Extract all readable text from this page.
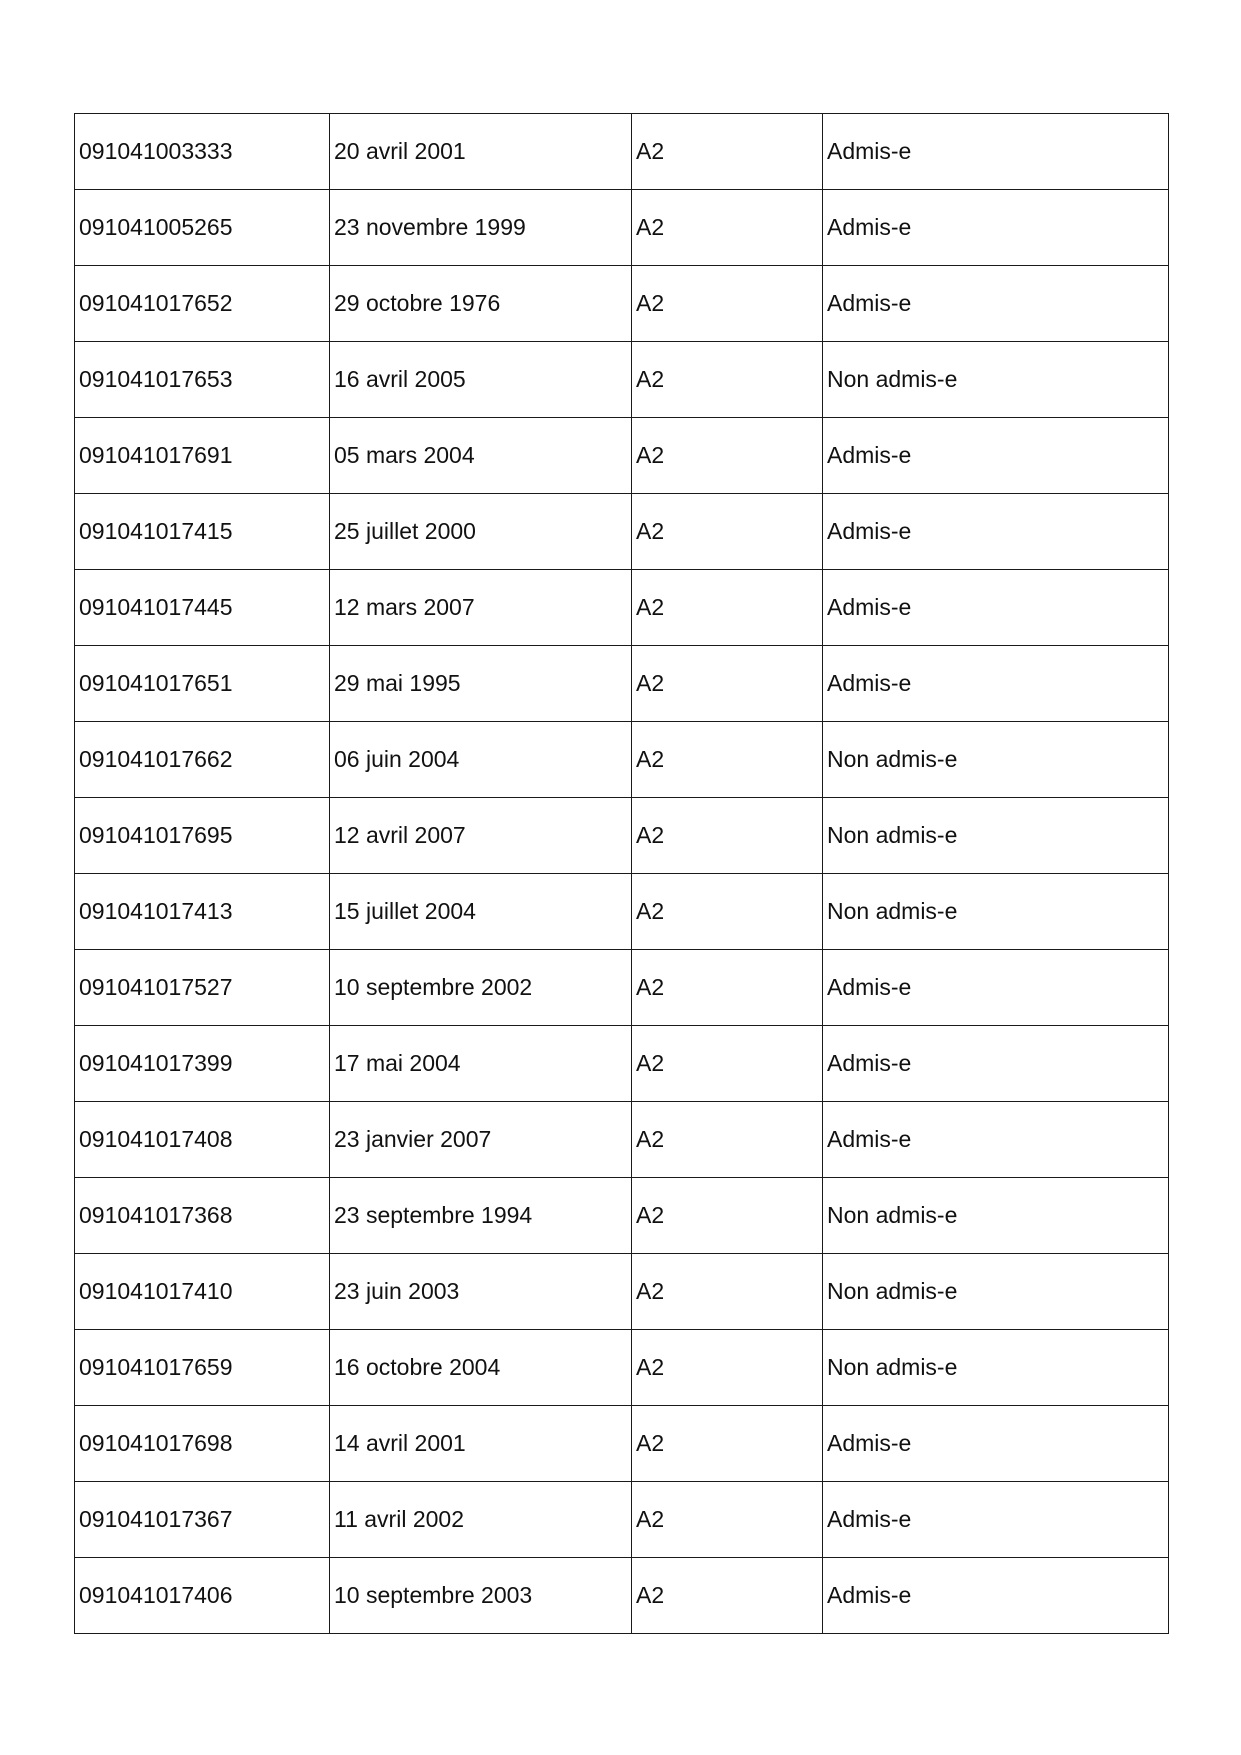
091041003333	20 avril 2001	A2	Admis-e
091041005265	23 novembre 1999	A2	Admis-e
091041017652	29 octobre 1976	A2	Admis-e
091041017653	16 avril 2005	A2	Non admis-e
091041017691	05 mars 2004	A2	Admis-e
091041017415	25 juillet 2000	A2	Admis-e
091041017445	12 mars 2007	A2	Admis-e
091041017651	29 mai 1995	A2	Admis-e
091041017662	06 juin 2004	A2	Non admis-e
091041017695	12 avril 2007	A2	Non admis-e
091041017413	15 juillet 2004	A2	Non admis-e
091041017527	10 septembre 2002	A2	Admis-e
091041017399	17 mai 2004	A2	Admis-e
091041017408	23 janvier 2007	A2	Admis-e
091041017368	23 septembre 1994	A2	Non admis-e
091041017410	23 juin 2003	A2	Non admis-e
091041017659	16 octobre 2004	A2	Non admis-e
091041017698	14 avril 2001	A2	Admis-e
091041017367	11 avril 2002	A2	Admis-e
091041017406	10 septembre 2003	A2	Admis-e
